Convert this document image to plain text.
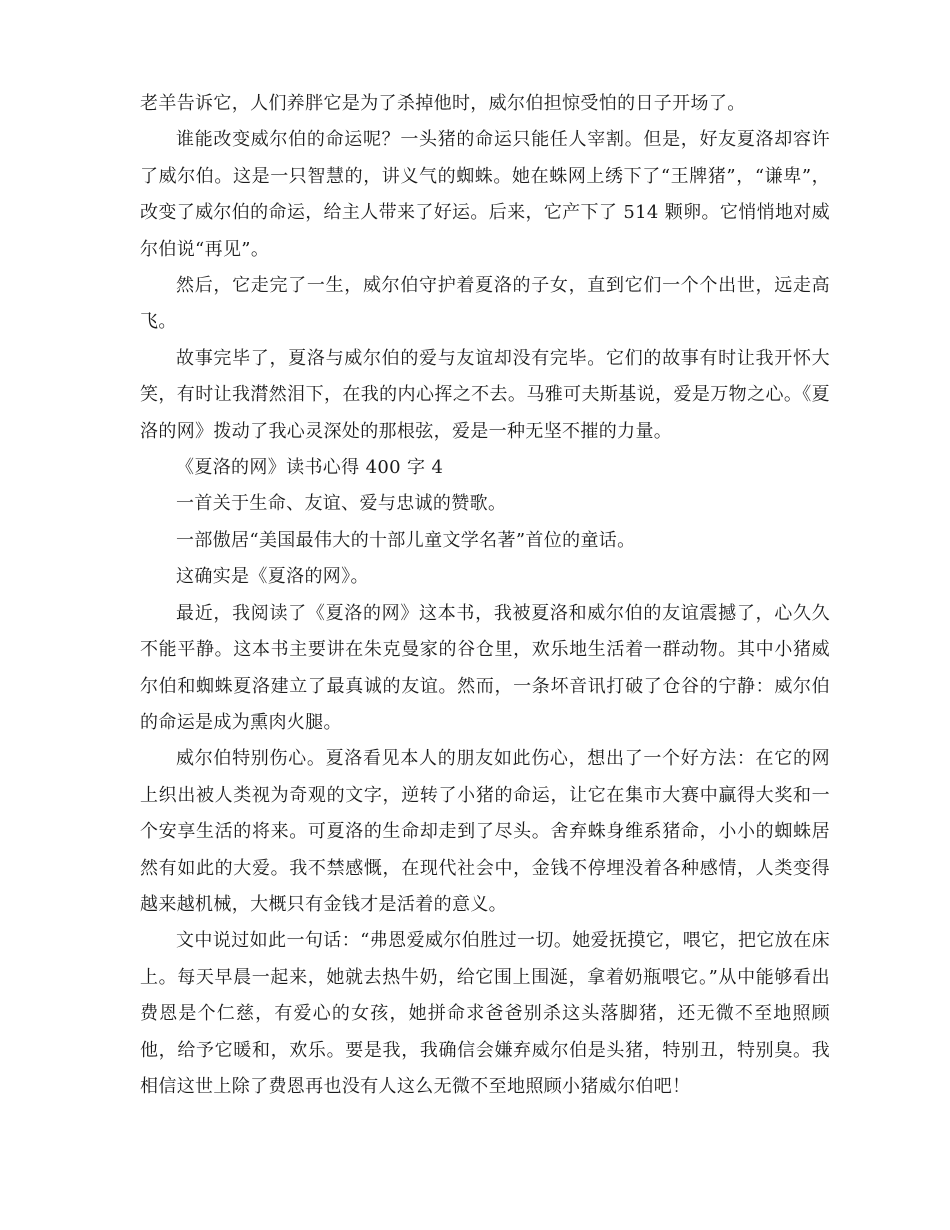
老羊告诉它，人们养胖它是为了杀掉他时，威尔伯担惊受怕的日子开场了。

谁能改变威尔伯的命运呢？一头猪的命运只能任人宰割。但是，好友夏洛却容许了威尔伯。这是一只智慧的，讲义气的蜘蛛。她在蛛网上绣下了“王牌猪”，“谦卑”，改变了威尔伯的命运，给主人带来了好运。后来，它产下了 514 颗卵。它悄悄地对威尔伯说“再见”。

然后，它走完了一生，威尔伯守护着夏洛的子女，直到它们一个个出世，远走高飞。

故事完毕了，夏洛与威尔伯的爱与友谊却没有完毕。它们的故事有时让我开怀大笑，有时让我潸然泪下，在我的内心挥之不去。马雅可夫斯基说，爱是万物之心。《夏洛的网》拨动了我心灵深处的那根弦，爱是一种无坚不摧的力量。

《夏洛的网》读书心得 400 字 4

一首关于生命、友谊、爱与忠诚的赞歌。

一部傲居“美国最伟大的十部儿童文学名著”首位的童话。

这确实是《夏洛的网》。

最近，我阅读了《夏洛的网》这本书，我被夏洛和威尔伯的友谊震撼了，心久久不能平静。这本书主要讲在朱克曼家的谷仓里，欢乐地生活着一群动物。其中小猪威尔伯和蜘蛛夏洛建立了最真诚的友谊。然而，一条坏音讯打破了仓谷的宁静：威尔伯的命运是成为熏肉火腿。

威尔伯特别伤心。夏洛看见本人的朋友如此伤心，想出了一个好方法：在它的网上织出被人类视为奇观的文字，逆转了小猪的命运，让它在集市大赛中赢得大奖和一个安享生活的将来。可夏洛的生命却走到了尽头。舍弃蛛身维系猪命，小小的蜘蛛居然有如此的大爱。我不禁感慨，在现代社会中，金钱不停埋没着各种感情，人类变得越来越机械，大概只有金钱才是活着的意义。

文中说过如此一句话：“弗恩爱威尔伯胜过一切。她爱抚摸它，喂它，把它放在床上。每天早晨一起来，她就去热牛奶，给它围上围涎，拿着奶瓶喂它。”从中能够看出费恩是个仁慈，有爱心的女孩，她拼命求爸爸别杀这头落脚猪，还无微不至地照顾他，给予它暖和，欢乐。要是我，我确信会嫌弃威尔伯是头猪，特别丑，特别臭。我相信这世上除了费恩再也没有人这么无微不至地照顾小猪威尔伯吧！
